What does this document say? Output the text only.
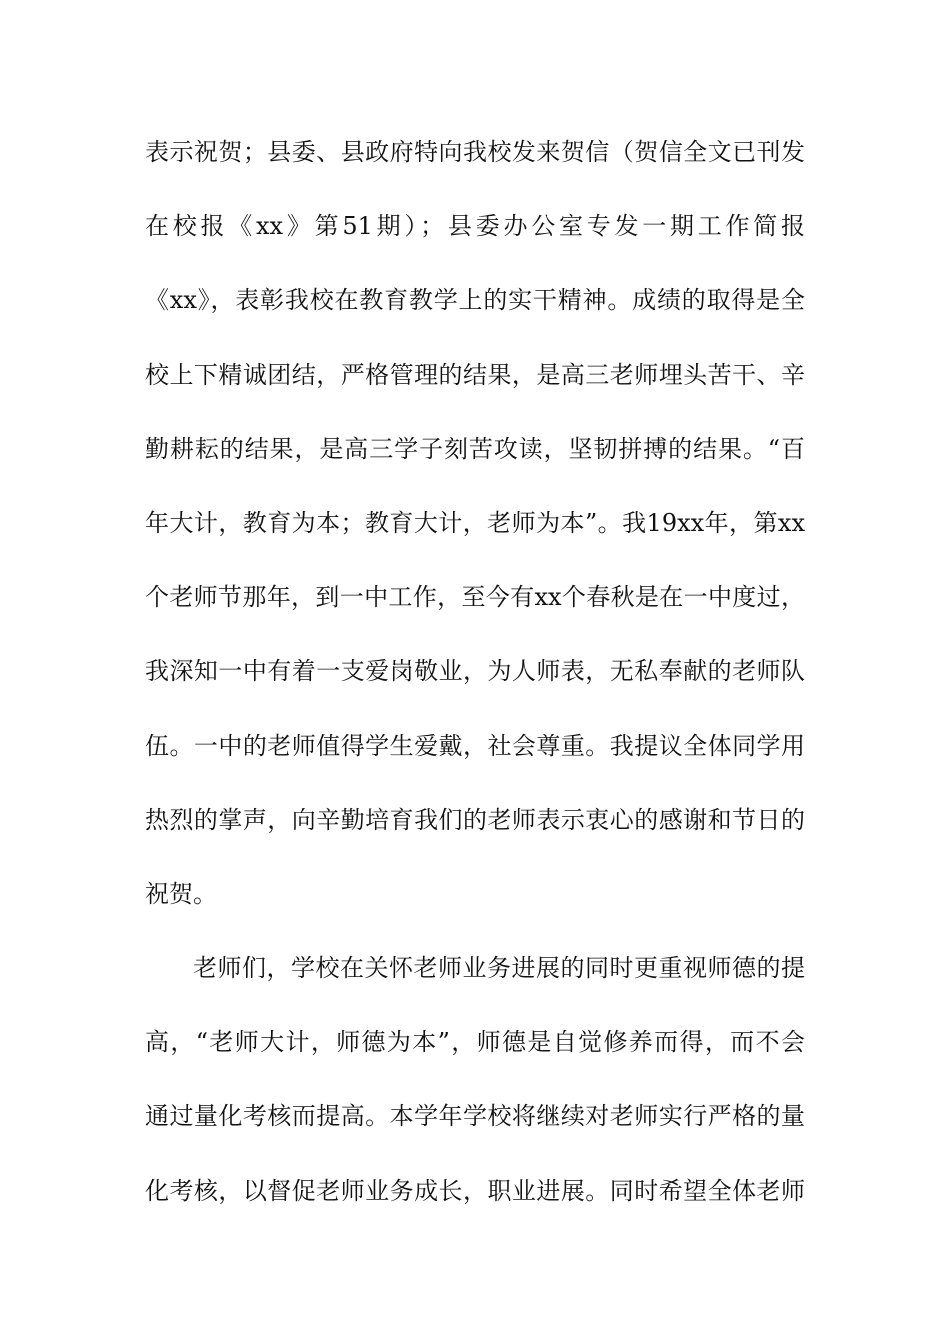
表示祝贺；县委、县政府特向我校发来贺信（贺信全文已刊发
在校报《xx》第51期）；县委办公室专发一期工作简报
《xx》，表彰我校在教育教学上的实干精神。成绩的取得是全
校上下精诚团结，严格管理的结果，是高三老师埋头苦干、辛
勤耕耘的结果，是高三学子刻苦攻读，坚韧拼搏的结果。“百
年大计，教育为本；教育大计，老师为本”。我19xx年，第xx
个老师节那年，到一中工作，至今有xx个春秋是在一中度过，
我深知一中有着一支爱岗敬业，为人师表，无私奉献的老师队
伍。一中的老师值得学生爱戴，社会尊重。我提议全体同学用
热烈的掌声，向辛勤培育我们的老师表示衷心的感谢和节日的
祝贺。
老师们，学校在关怀老师业务进展的同时更重视师德的提
高，“老师大计，师德为本”，师德是自觉修养而得，而不会
通过量化考核而提高。本学年学校将继续对老师实行严格的量
化考核，以督促老师业务成长，职业进展。同时希望全体老师
